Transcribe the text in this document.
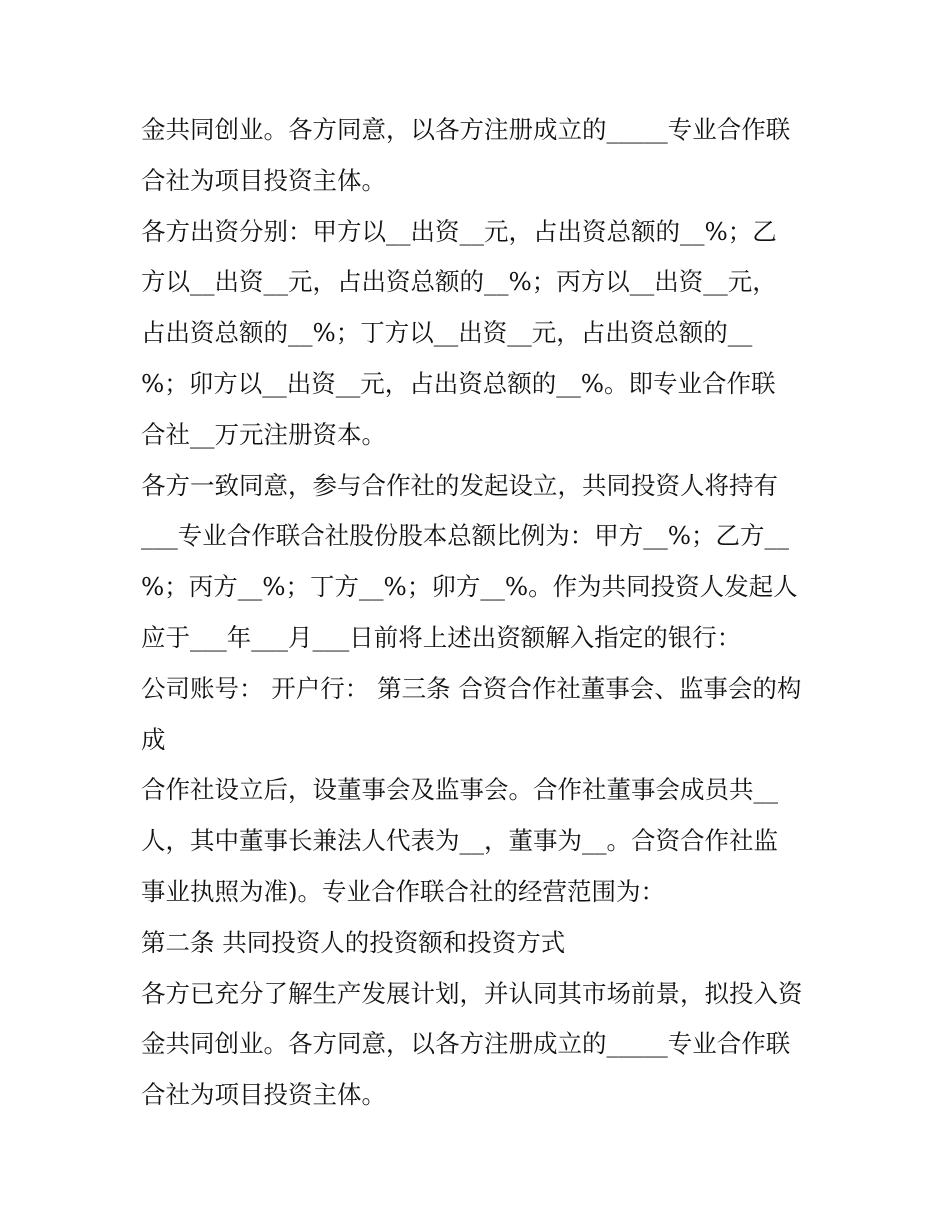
金共同创业。各方同意，以各方注册成立的_____专业合作联
合社为项目投资主体。
各方出资分别：甲方以__出资__元，占出资总额的__%；乙
方以__出资__元，占出资总额的__%；丙方以__出资__元，
占出资总额的__%；丁方以__出资__元，占出资总额的__
%；卯方以__出资__元，占出资总额的__%。即专业合作联
合社__万元注册资本。
各方一致同意，参与合作社的发起设立，共同投资人将持有
___专业合作联合社股份股本总额比例为：甲方__%；乙方__
%；丙方__%；丁方__%；卯方__%。作为共同投资人发起人
应于___年___月___日前将上述出资额解入指定的银行：
公司账号： 开户行： 第三条 合资合作社董事会、监事会的构
成
合作社设立后，设董事会及监事会。合作社董事会成员共__
人，其中董事长兼法人代表为__，董事为__。合资合作社监
事业执照为准)。专业合作联合社的经营范围为：
第二条 共同投资人的投资额和投资方式
各方已充分了解生产发展计划，并认同其市场前景，拟投入资
金共同创业。各方同意，以各方注册成立的_____专业合作联
合社为项目投资主体。
